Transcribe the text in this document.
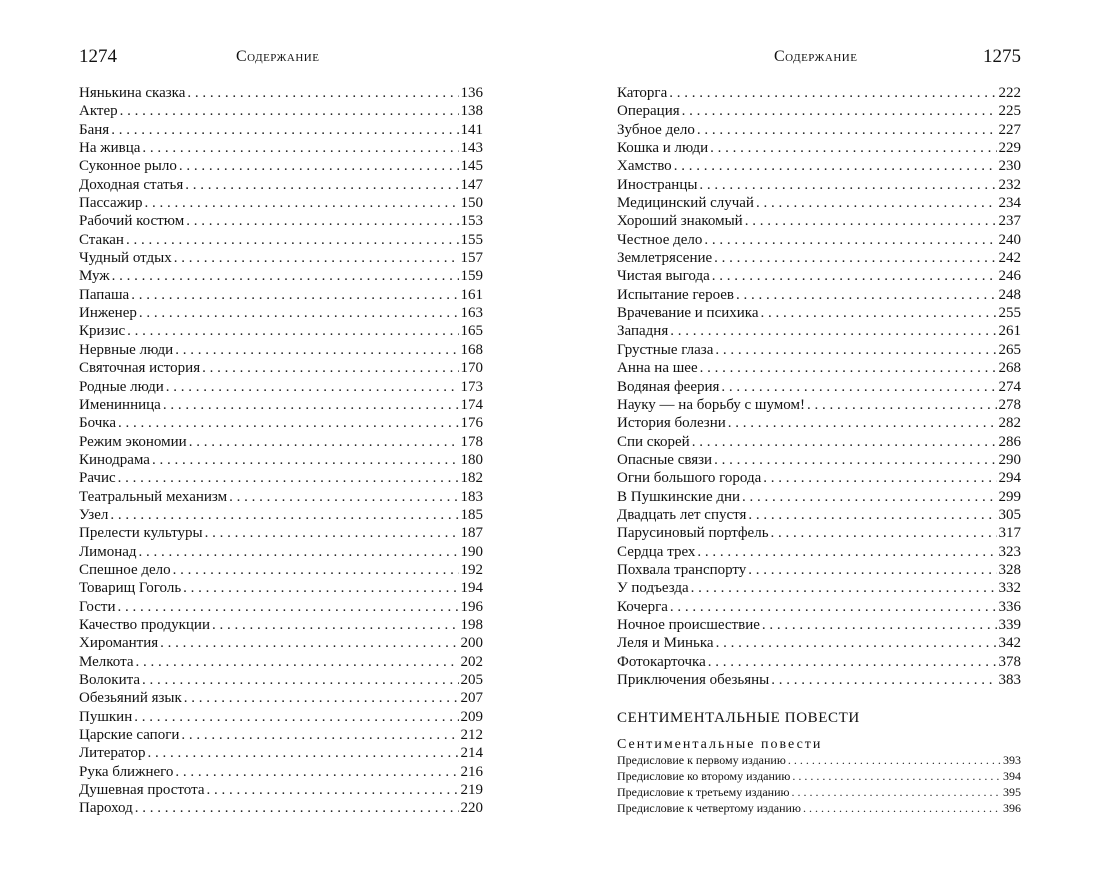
1274	Содержание
Нянькина сказка . . .	136
Актер . . .	138
Баня . . .	141
На живца . . .	143
Суконное рыло . . .	145
Доходная статья . . .	147
Пассажир . . .	150
Рабочий костюм . . .	153
Стакан . . .	155
Чудный отдых . . .	157
Муж . . .	159
Папаша . . .	161
Инженер . . .	163
Кризис . . .	165
Нервные люди . . .	168
Святочная история . . .	170
Родные люди . . .	173
Именинница . . .	174
Бочка . . .	176
Режим экономии . . .	178
Кинодрама . . .	180
Рачис . . .	182
Театральный механизм . . .	183
Узел . . .	185
Прелести культуры . . .	187
Лимонад . . .	190
Спешное дело . . .	192
Товарищ Гоголь . . .	194
Гости . . .	196
Качество продукции . . .	198
Хиромантия . . .	200
Мелкота . . .	202
Волокита . . .	205
Обезьяний язык . . .	207
Пушкин . . .	209
Царские сапоги . . .	212
Литератор . . .	214
Рука ближнего . . .	216
Душевная простота . . .	219
Пароход . . .	220
Содержание	1275
Каторга . . .	222
Операция . . .	225
Зубное дело . . .	227
Кошка и люди . . .	229
Хамство . . .	230
Иностранцы . . .	232
Медицинский случай . . .	234
Хороший знакомый . . .	237
Честное дело . . .	240
Землетрясение . . .	242
Чистая выгода . . .	246
Испытание героев . . .	248
Врачевание и психика . . .	255
Западня . . .	261
Грустные глаза . . .	265
Анна на шее . . .	268
Водяная феерия . . .	274
Науку — на борьбу с шумом! . . .	278
История болезни . . .	282
Спи скорей . . .	286
Опасные связи . . .	290
Огни большого города . . .	294
В Пушкинские дни . . .	299
Двадцать лет спустя . . .	305
Парусиновый портфель . . .	317
Сердца трех . . .	323
Похвала транспорту . . .	328
У подъезда . . .	332
Кочерга . . .	336
Ночное происшествие . . .	339
Леля и Минька . . .	342
Фотокарточка . . .	378
Приключения обезьяны . . .	383
СЕНТИМЕНТАЛЬНЫЕ ПОВЕСТИ
Сентиментальные повести
Предисловие к первому изданию . . .	393
Предисловие ко второму изданию . . .	394
Предисловие к третьему изданию . . .	395
Предисловие к четвертому изданию . . .	396
